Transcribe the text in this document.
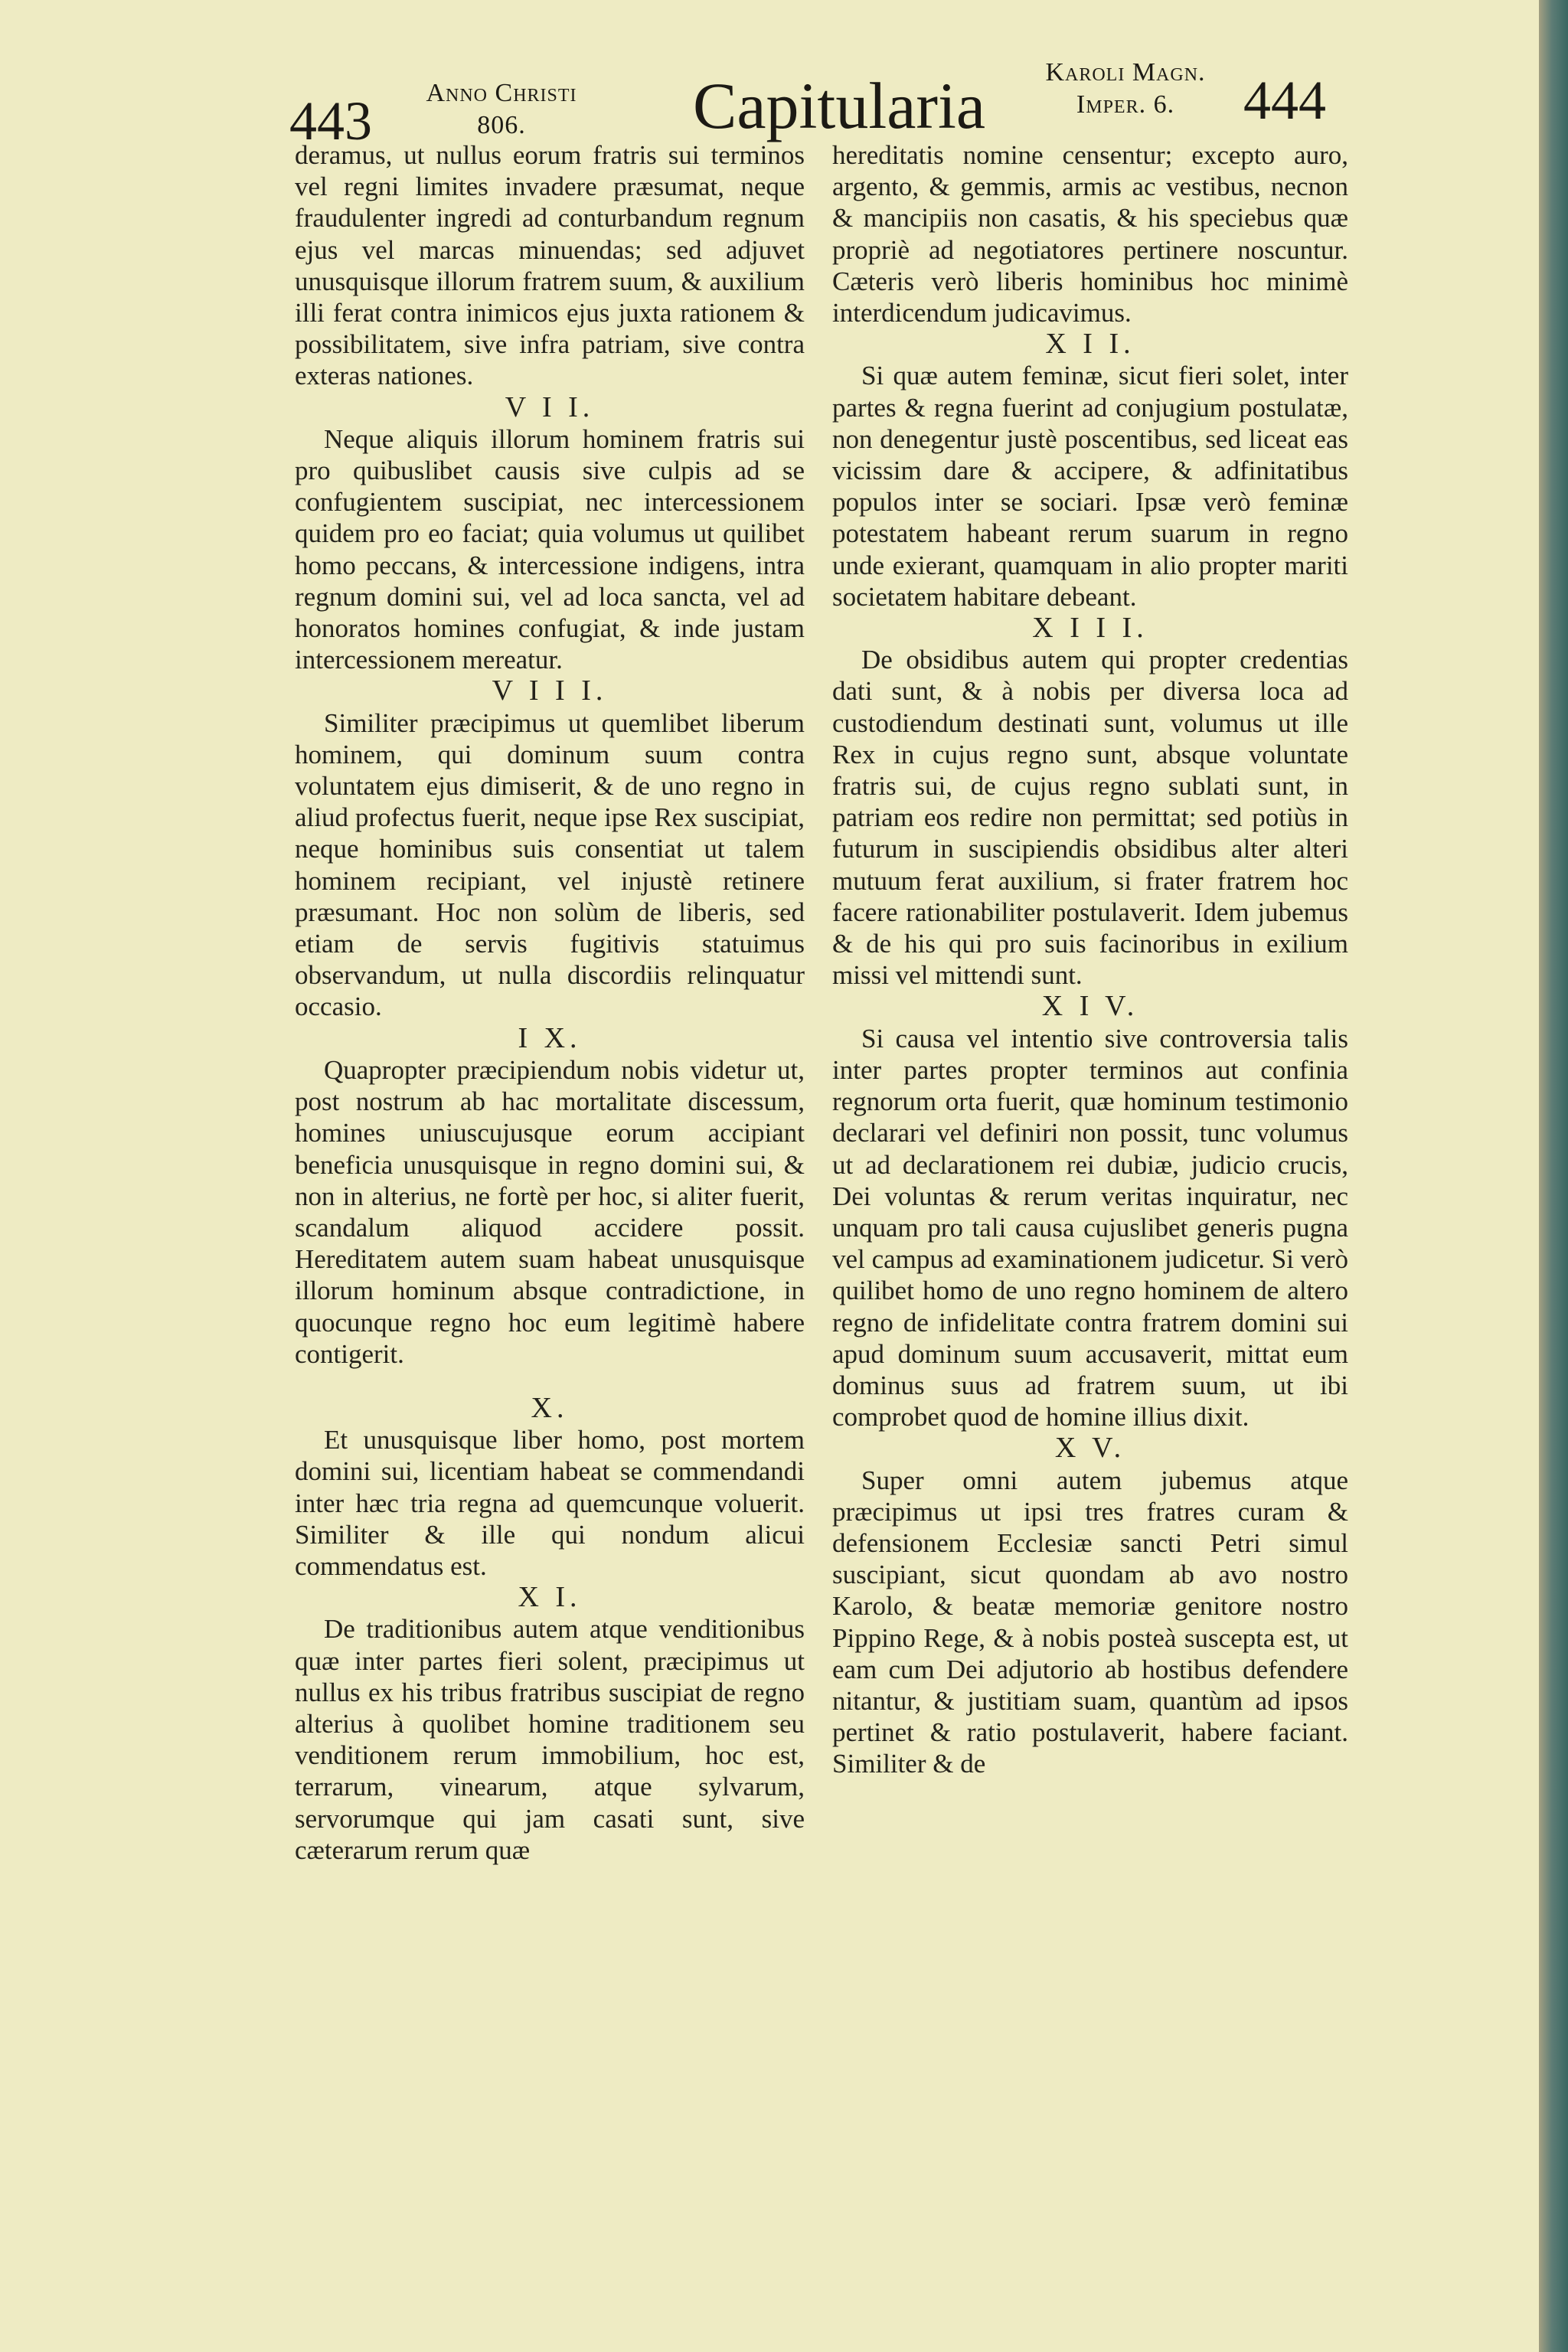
443	Anno Christi
806.	Capitularia	Karoli Magn.
Imper. 6.	444

deramus, ut nullus eorum fratris sui terminos vel regni limites invadere præsumat, neque fraudulenter ingredi ad conturbandum regnum ejus vel marcas minuendas; sed adjuvet unusquisque illorum fratrem suum, & auxilium illi ferat contra inimicos ejus juxta rationem & possibilitatem, sive infra patriam, sive contra exteras nationes.

V I I.

Neque aliquis illorum hominem fratris sui pro quibuslibet causis sive culpis ad se confugientem suscipiat, nec intercessionem quidem pro eo faciat; quia volumus ut quilibet homo peccans, & intercessione indigens, intra regnum domini sui, vel ad loca sancta, vel ad honoratos homines confugiat, & inde justam intercessionem mereatur.

V I I I.

Similiter præcipimus ut quemlibet liberum hominem, qui dominum suum contra voluntatem ejus dimiserit, & de uno regno in aliud profectus fuerit, neque ipse Rex suscipiat, neque hominibus suis consentiat ut talem hominem recipiant, vel injustè retinere præsumant. Hoc non solùm de liberis, sed etiam de servis fugitivis statuimus observandum, ut nulla discordiis relinquatur occasio.

I X.

Quapropter præcipiendum nobis videtur ut, post nostrum ab hac mortalitate discessum, homines uniuscujusque eorum accipiant beneficia unusquisque in regno domini sui, & non in alterius, ne fortè per hoc, si aliter fuerit, scandalum aliquod accidere possit. Hereditatem autem suam habeat unusquisque illorum hominum absque contradictione, in quocunque regno hoc eum legitimè habere contigerit.

X.

Et unusquisque liber homo, post mortem domini sui, licentiam habeat se commendandi inter hæc tria regna ad quemcunque voluerit. Similiter & ille qui nondum alicui commendatus est.

X I.

De traditionibus autem atque venditionibus quæ inter partes fieri solent, præcipimus ut nullus ex his tribus fratribus suscipiat de regno alterius à quolibet homine traditionem seu venditionem rerum immobilium, hoc est, terrarum, vinearum, atque sylvarum, servorumque qui jam casati sunt, sive cæterarum rerum quæ

hereditatis nomine censentur; excepto auro, argento, & gemmis, armis ac vestibus, necnon & mancipiis non casatis, & his speciebus quæ propriè ad negotiatores pertinere noscuntur. Cæteris verò liberis hominibus hoc minimè interdicendum judicavimus.

X I I.

Si quæ autem feminæ, sicut fieri solet, inter partes & regna fuerint ad conjugium postulatæ, non denegentur justè poscentibus, sed liceat eas vicissim dare & accipere, & adfinitatibus populos inter se sociari. Ipsæ verò feminæ potestatem habeant rerum suarum in regno unde exierant, quamquam in alio propter mariti societatem habitare debeant.

X I I I.

De obsidibus autem qui propter credentias dati sunt, & à nobis per diversa loca ad custodiendum destinati sunt, volumus ut ille Rex in cujus regno sunt, absque voluntate fratris sui, de cujus regno sublati sunt, in patriam eos redire non permittat; sed potiùs in futurum in suscipiendis obsidibus alter alteri mutuum ferat auxilium, si frater fratrem hoc facere rationabiliter postulaverit. Idem jubemus & de his qui pro suis facinoribus in exilium missi vel mittendi sunt.

X I V.

Si causa vel intentio sive controversia talis inter partes propter terminos aut confinia regnorum orta fuerit, quæ hominum testimonio declarari vel definiri non possit, tunc volumus ut ad declarationem rei dubiæ, judicio crucis, Dei voluntas & rerum veritas inquiratur, nec unquam pro tali causa cujuslibet generis pugna vel campus ad examinationem judicetur. Si verò quilibet homo de uno regno hominem de altero regno de infidelitate contra fratrem domini sui apud dominum suum accusaverit, mittat eum dominus suus ad fratrem suum, ut ibi comprobet quod de homine illius dixit.

X V.

Super omni autem jubemus atque præcipimus ut ipsi tres fratres curam & defensionem Ecclesiæ sancti Petri simul suscipiant, sicut quondam ab avo nostro Karolo, & beatæ memoriæ genitore nostro Pippino Rege, & à nobis posteà suscepta est, ut eam cum Dei adjutorio ab hostibus defendere nitantur, & justitiam suam, quantùm ad ipsos pertinet & ratio postulaverit, habere faciant. Similiter & de
